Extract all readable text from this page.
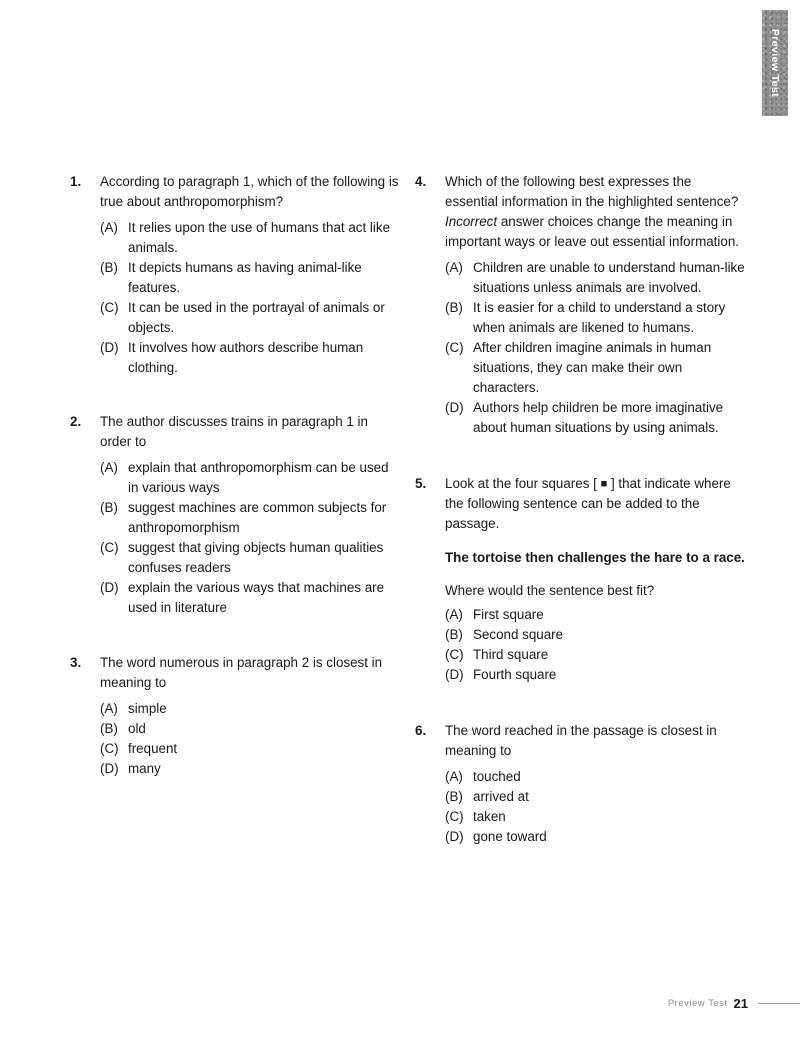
Preview Test
1.	According to paragraph 1, which of the following is true about anthropomorphism?

(A) It relies upon the use of humans that act like animals.
(B) It depicts humans as having animal-like features.
(C) It can be used in the portrayal of animals or objects.
(D) It involves how authors describe human clothing.
2.	The author discusses trains in paragraph 1 in order to

(A) explain that anthropomorphism can be used in various ways
(B) suggest machines are common subjects for anthropomorphism
(C) suggest that giving objects human qualities confuses readers
(D) explain the various ways that machines are used in literature
3.	The word numerous in paragraph 2 is closest in meaning to

(A) simple
(B) old
(C) frequent
(D) many
4.	Which of the following best expresses the essential information in the highlighted sentence? Incorrect answer choices change the meaning in important ways or leave out essential information.

(A) Children are unable to understand human-like situations unless animals are involved.
(B) It is easier for a child to understand a story when animals are likened to humans.
(C) After children imagine animals in human situations, they can make their own characters.
(D) Authors help children be more imaginative about human situations by using animals.
5.	Look at the four squares [ ■ ] that indicate where the following sentence can be added to the passage.

The tortoise then challenges the hare to a race.

Where would the sentence best fit?

(A) First square
(B) Second square
(C) Third square
(D) Fourth square
6.	The word reached in the passage is closest in meaning to

(A) touched
(B) arrived at
(C) taken
(D) gone toward
Preview Test 21
